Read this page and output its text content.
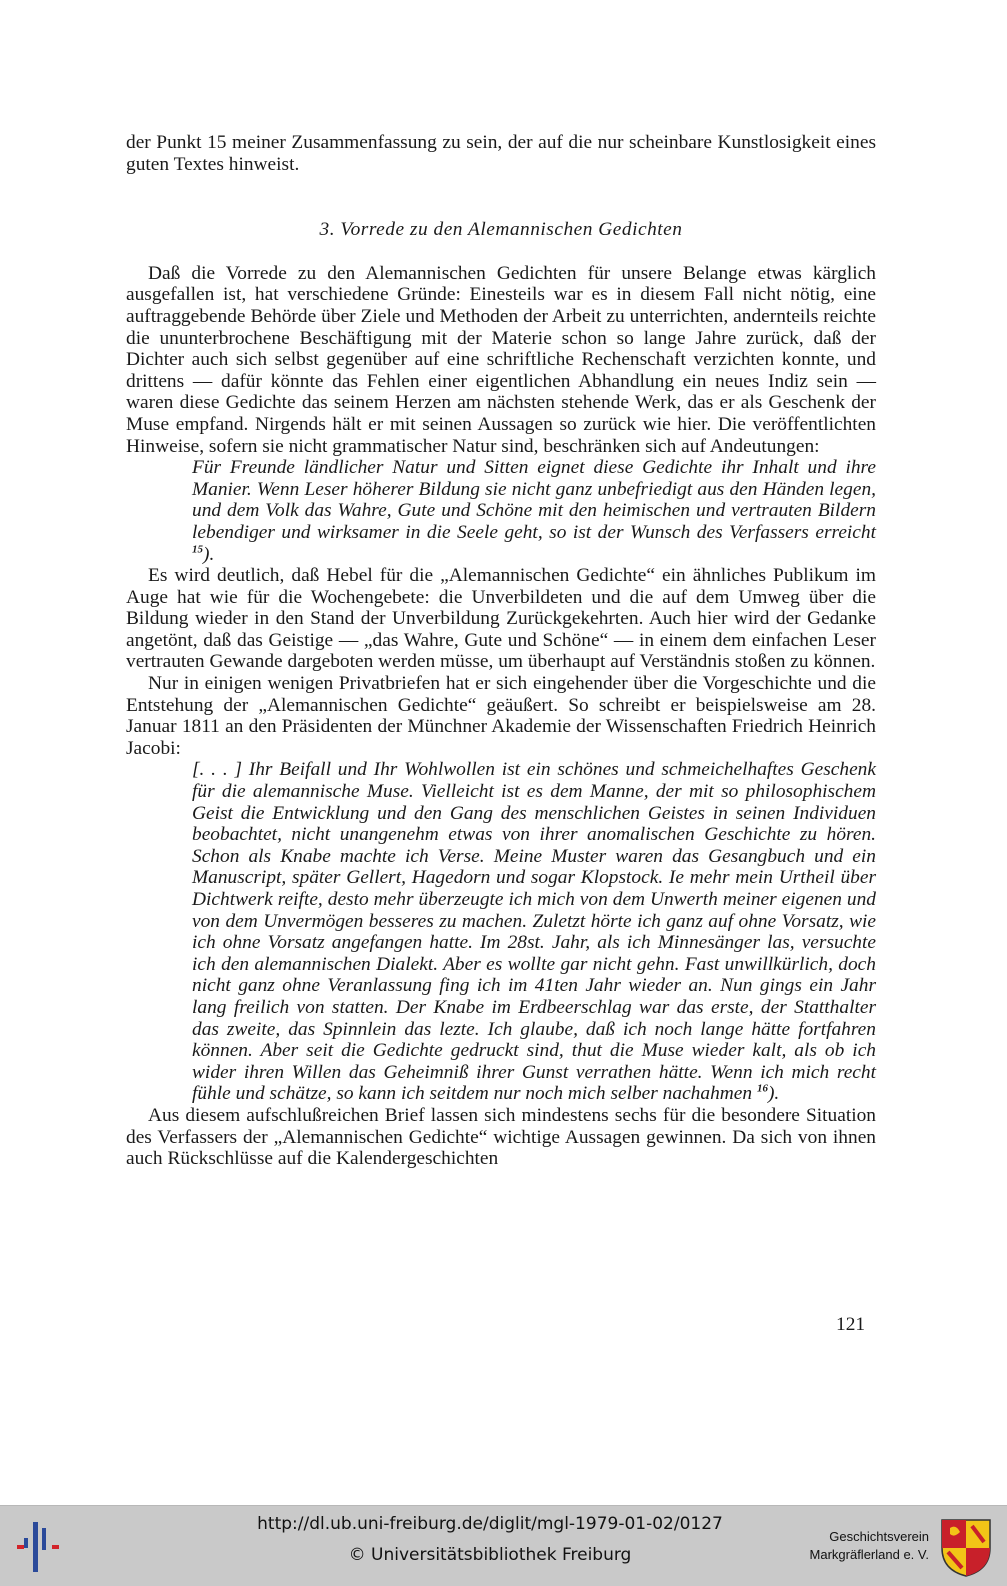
der Punkt 15 meiner Zusammenfassung zu sein, der auf die nur scheinbare Kunstlosigkeit eines guten Textes hinweist.

3. Vorrede zu den Alemannischen Gedichten

Daß die Vorrede zu den Alemannischen Gedichten für unsere Belange etwas kärglich ausgefallen ist, hat verschiedene Gründe: Einesteils war es in diesem Fall nicht nötig, eine auftraggebende Behörde über Ziele und Methoden der Arbeit zu unterrichten, andernteils reichte die ununterbrochene Beschäftigung mit der Materie schon so lange Jahre zurück, daß der Dichter auch sich selbst gegenüber auf eine schriftliche Rechenschaft verzichten konnte, und drittens — dafür könnte das Fehlen einer eigentlichen Abhandlung ein neues Indiz sein — waren diese Gedichte das seinem Herzen am nächsten stehende Werk, das er als Geschenk der Muse empfand. Nirgends hält er mit seinen Aussagen so zurück wie hier. Die veröffentlichten Hinweise, sofern sie nicht grammatischer Natur sind, beschränken sich auf Andeutungen:

Für Freunde ländlicher Natur und Sitten eignet diese Gedichte ihr Inhalt und ihre Manier. Wenn Leser höherer Bildung sie nicht ganz unbefriedigt aus den Händen legen, und dem Volk das Wahre, Gute und Schöne mit den heimischen und vertrauten Bildern lebendiger und wirksamer in die Seele geht, so ist der Wunsch des Verfassers erreicht $^{15}$).

Es wird deutlich, daß Hebel für die „Alemannischen Gedichte“ ein ähnliches Publikum im Auge hat wie für die Wochengebete: die Unverbildeten und die auf dem Umweg über die Bildung wieder in den Stand der Unverbildung Zurückgekehrten. Auch hier wird der Gedanke angetönt, daß das Geistige — „das Wahre, Gute und Schöne“ — in einem dem einfachen Leser vertrauten Gewande dargeboten werden müsse, um überhaupt auf Verständnis stoßen zu können.

Nur in einigen wenigen Privatbriefen hat er sich eingehender über die Vorgeschichte und die Entstehung der „Alemannischen Gedichte“ geäußert. So schreibt er beispielsweise am 28. Januar 1811 an den Präsidenten der Münchner Akademie der Wissenschaften Friedrich Heinrich Jacobi:

[. . . ] Ihr Beifall und Ihr Wohlwollen ist ein schönes und schmeichelhaftes Geschenk für die alemannische Muse. Vielleicht ist es dem Manne, der mit so philosophischem Geist die Entwicklung und den Gang des menschlichen Geistes in seinen Individuen beobachtet, nicht unangenehm etwas von ihrer anomalischen Geschichte zu hören. Schon als Knabe machte ich Verse. Meine Muster waren das Gesangbuch und ein Manuscript, später Gellert, Hagedorn und sogar Klopstock. Ie mehr mein Urtheil über Dichtwerk reifte, desto mehr überzeugte ich mich von dem Unwerth meiner eigenen und von dem Unvermögen besseres zu machen. Zuletzt hörte ich ganz auf ohne Vorsatz, wie ich ohne Vorsatz angefangen hatte. Im 28st. Jahr, als ich Minnesänger las, versuchte ich den alemannischen Dialekt. Aber es wollte gar nicht gehn. Fast unwillkürlich, doch nicht ganz ohne Veranlassung fing ich im 41ten Jahr wieder an. Nun gings ein Jahr lang freilich von statten. Der Knabe im Erdbeerschlag war das erste, der Statthalter das zweite, das Spinnlein das lezte. Ich glaube, daß ich noch lange hätte fortfahren können. Aber seit die Gedichte gedruckt sind, thut die Muse wieder kalt, als ob ich wider ihren Willen das Geheimniß ihrer Gunst verrathen hätte. Wenn ich mich recht fühle und schätze, so kann ich seitdem nur noch mich selber nachahmen $^{16}$).

Aus diesem aufschlußreichen Brief lassen sich mindestens sechs für die besondere Situation des Verfassers der „Alemannischen Gedichte“ wichtige Aussagen gewinnen. Da sich von ihnen auch Rückschlüsse auf die Kalendergeschichten

121
http://dl.ub.uni-freiburg.de/diglit/mgl-1979-01-02/0127
© Universitätsbibliothek Freiburg
Geschichtsverein
Markgräflerland e. V.
